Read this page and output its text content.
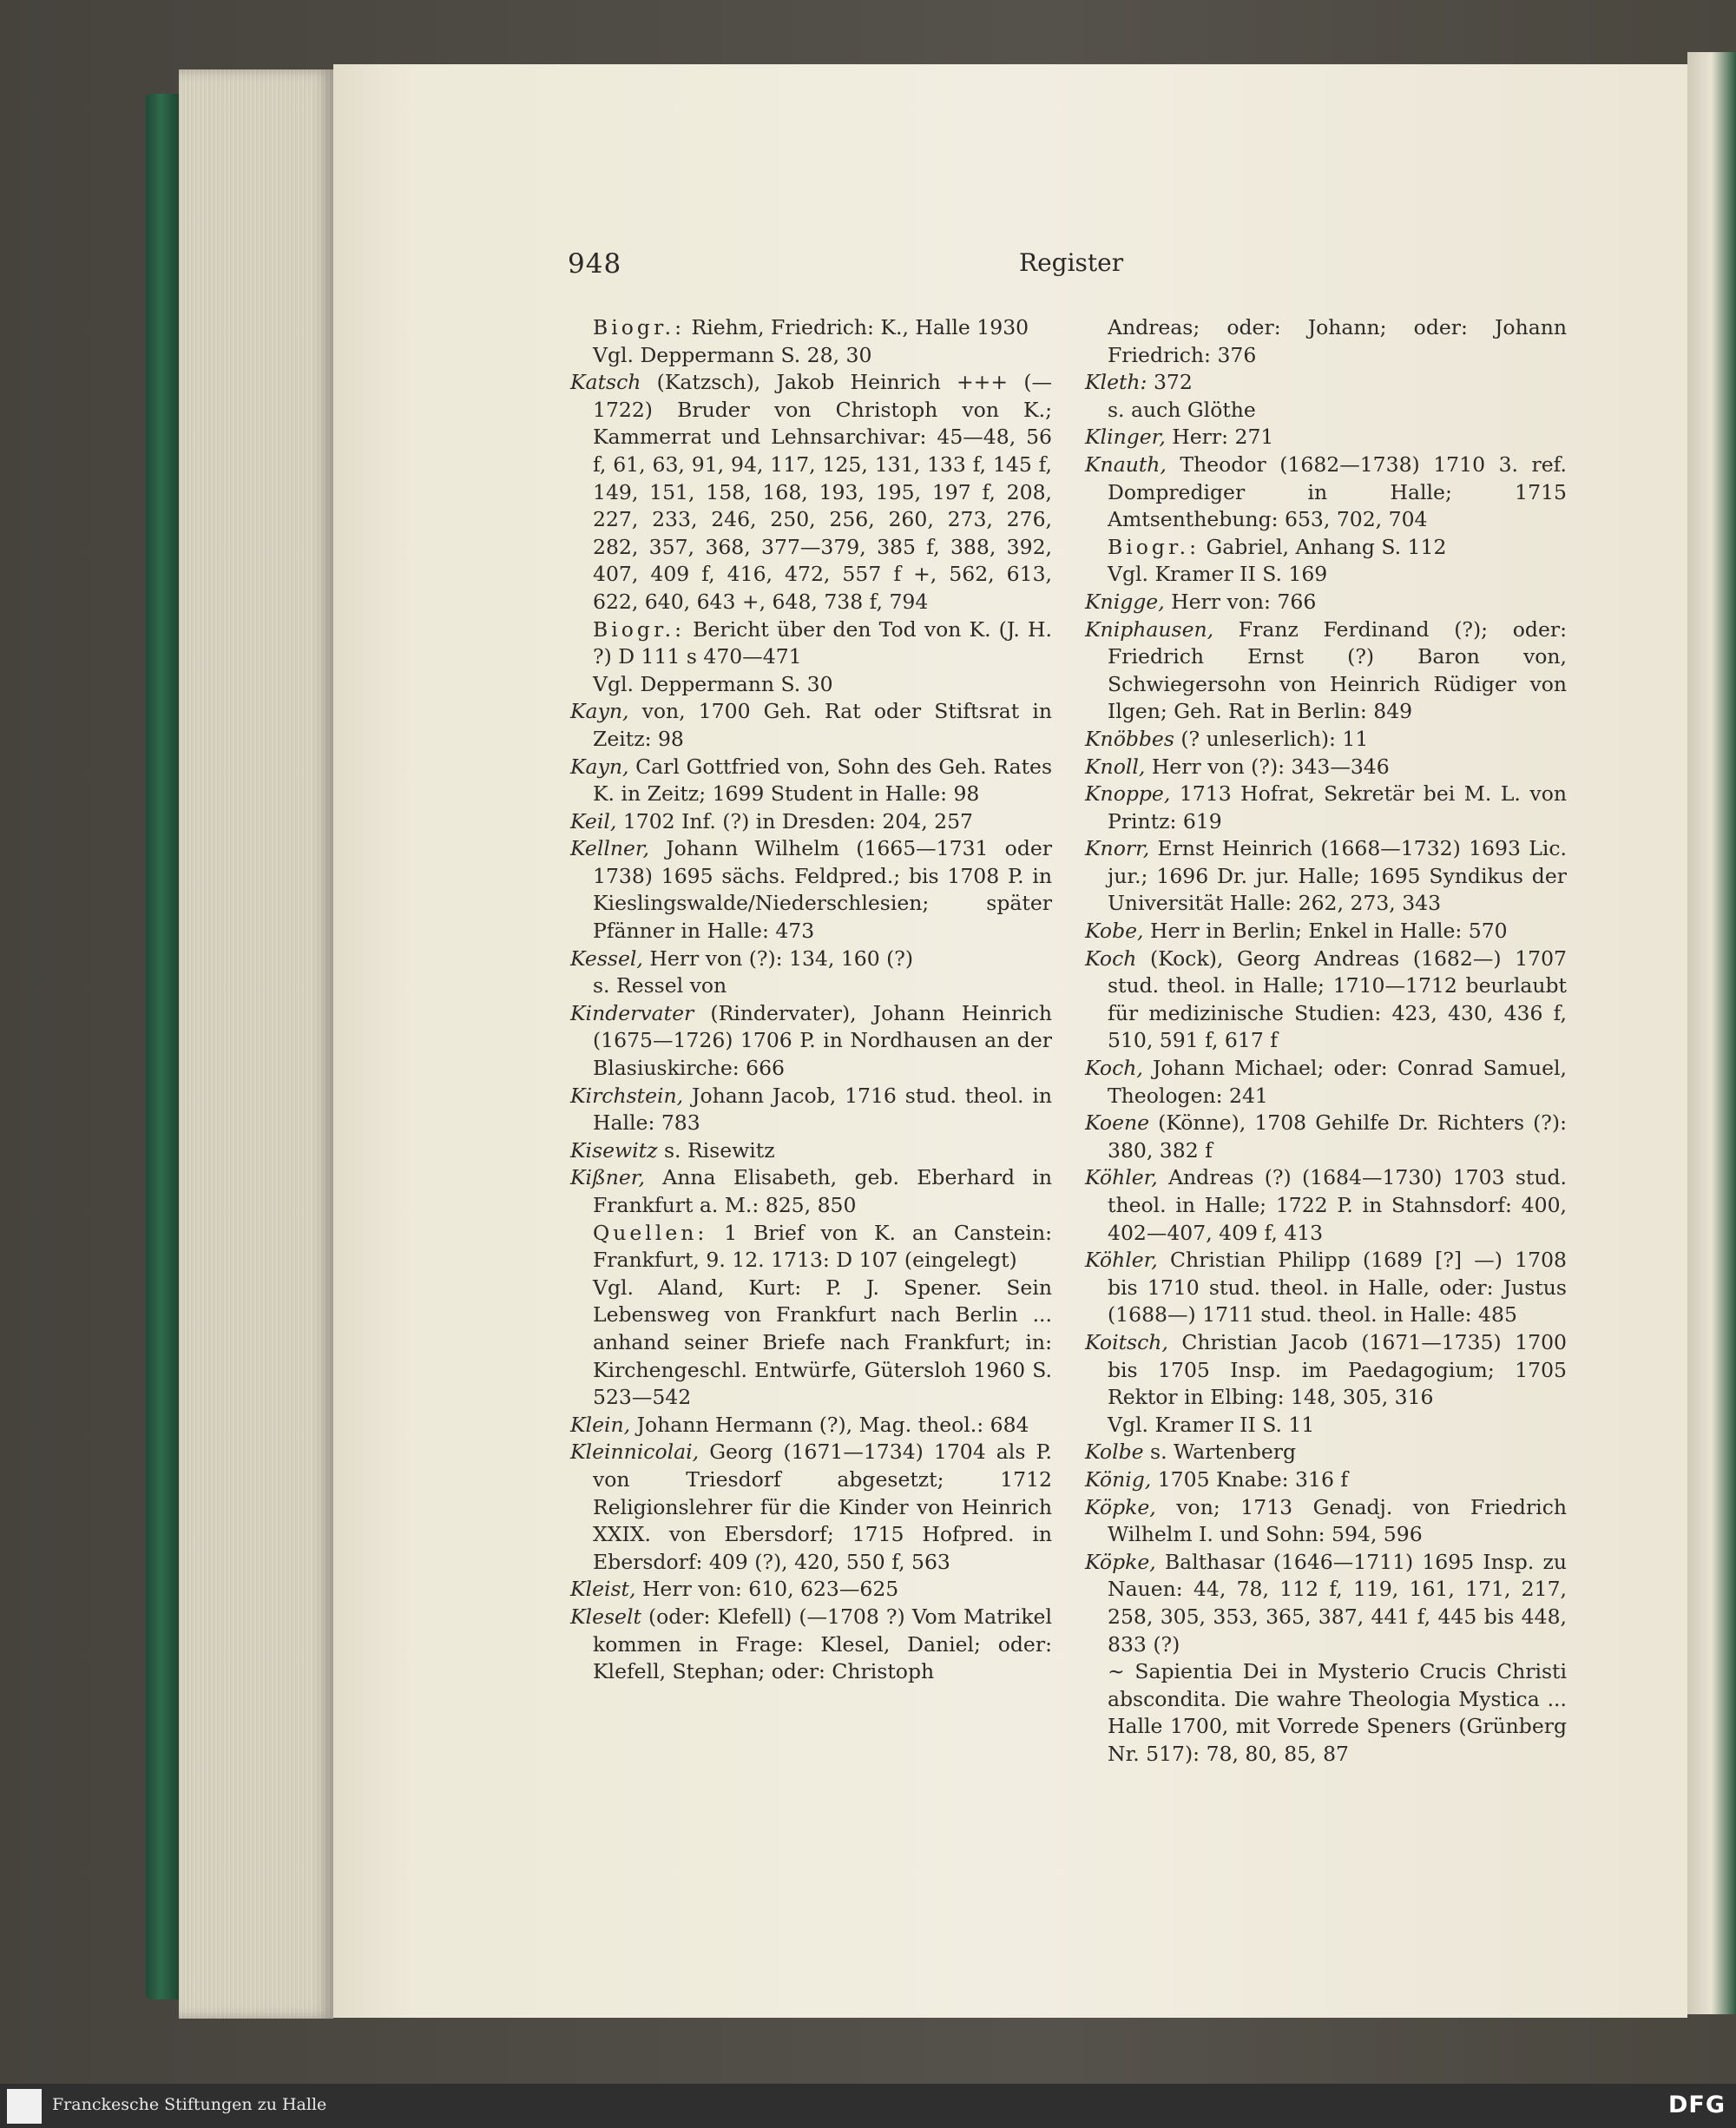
948	Register

Biogr.: Riehm, Friedrich: K., Halle 1930

Vgl. Deppermann S. 28, 30

Katsch (Katzsch), Jakob Heinrich +++ (—1722) Bruder von Christoph von K.; Kammerrat und Lehnsarchivar: 45—48, 56 f, 61, 63, 91, 94, 117, 125, 131, 133 f, 145 f, 149, 151, 158, 168, 193, 195, 197 f, 208, 227, 233, 246, 250, 256, 260, 273, 276, 282, 357, 368, 377—379, 385 f, 388, 392, 407, 409 f, 416, 472, 557 f +, 562, 613, 622, 640, 643 +, 648, 738 f, 794

Biogr.: Bericht über den Tod von K. (J. H. ?) D 111 s 470—471

Vgl. Deppermann S. 30

Kayn, von, 1700 Geh. Rat oder Stiftsrat in Zeitz: 98

Kayn, Carl Gottfried von, Sohn des Geh. Rates K. in Zeitz; 1699 Student in Halle: 98

Keil, 1702 Inf. (?) in Dresden: 204, 257

Kellner, Johann Wilhelm (1665—1731 oder 1738) 1695 sächs. Feldpred.; bis 1708 P. in Kieslingswalde/Niederschlesien; später Pfänner in Halle: 473

Kessel, Herr von (?): 134, 160 (?)

s. Ressel von

Kindervater (Rindervater), Johann Heinrich (1675—1726) 1706 P. in Nordhausen an der Blasiuskirche: 666

Kirchstein, Johann Jacob, 1716 stud. theol. in Halle: 783

Kisewitz s. Risewitz

Kißner, Anna Elisabeth, geb. Eberhard in Frankfurt a. M.: 825, 850

Quellen: 1 Brief von K. an Canstein: Frankfurt, 9. 12. 1713: D 107 (eingelegt)

Vgl. Aland, Kurt: P. J. Spener. Sein Lebensweg von Frankfurt nach Berlin ... anhand seiner Briefe nach Frankfurt; in: Kirchengeschl. Entwürfe, Gütersloh 1960 S. 523—542

Klein, Johann Hermann (?), Mag. theol.: 684

Kleinnicolai, Georg (1671—1734) 1704 als P. von Triesdorf abgesetzt; 1712 Religionslehrer für die Kinder von Heinrich XXIX. von Ebersdorf; 1715 Hofpred. in Ebersdorf: 409 (?), 420, 550 f, 563

Kleist, Herr von: 610, 623—625

Kleselt (oder: Klefell) (—1708 ?) Vom Matrikel kommen in Frage: Klesel, Daniel; oder: Klefell, Stephan; oder: Christoph

Andreas; oder: Johann; oder: Johann Friedrich: 376

Kleth: 372

s. auch Glöthe

Klinger, Herr: 271

Knauth, Theodor (1682—1738) 1710 3. ref. Domprediger in Halle; 1715 Amtsenthebung: 653, 702, 704

Biogr.: Gabriel, Anhang S. 112

Vgl. Kramer II S. 169

Knigge, Herr von: 766

Kniphausen, Franz Ferdinand (?); oder: Friedrich Ernst (?) Baron von, Schwiegersohn von Heinrich Rüdiger von Ilgen; Geh. Rat in Berlin: 849

Knöbbes (? unleserlich): 11

Knoll, Herr von (?): 343—346

Knoppe, 1713 Hofrat, Sekretär bei M. L. von Printz: 619

Knorr, Ernst Heinrich (1668—1732) 1693 Lic. jur.; 1696 Dr. jur. Halle; 1695 Syndikus der Universität Halle: 262, 273, 343

Kobe, Herr in Berlin; Enkel in Halle: 570

Koch (Kock), Georg Andreas (1682—) 1707 stud. theol. in Halle; 1710—1712 beurlaubt für medizinische Studien: 423, 430, 436 f, 510, 591 f, 617 f

Koch, Johann Michael; oder: Conrad Samuel, Theologen: 241

Koene (Könne), 1708 Gehilfe Dr. Richters (?): 380, 382 f

Köhler, Andreas (?) (1684—1730) 1703 stud. theol. in Halle; 1722 P. in Stahnsdorf: 400, 402—407, 409 f, 413

Köhler, Christian Philipp (1689 [?] —) 1708 bis 1710 stud. theol. in Halle, oder: Justus (1688—) 1711 stud. theol. in Halle: 485

Koitsch, Christian Jacob (1671—1735) 1700 bis 1705 Insp. im Paedagogium; 1705 Rektor in Elbing: 148, 305, 316

Vgl. Kramer II S. 11

Kolbe s. Wartenberg

König, 1705 Knabe: 316 f

Köpke, von; 1713 Genadj. von Friedrich Wilhelm I. und Sohn: 594, 596

Köpke, Balthasar (1646—1711) 1695 Insp. zu Nauen: 44, 78, 112 f, 119, 161, 171, 217, 258, 305, 353, 365, 387, 441 f, 445 bis 448, 833 (?)

∼ Sapientia Dei in Mysterio Crucis Christi abscondita. Die wahre Theologia Mystica ... Halle 1700, mit Vorrede Speners (Grünberg Nr. 517): 78, 80, 85, 87

Franckesche Stiftungen zu Halle	DFG
